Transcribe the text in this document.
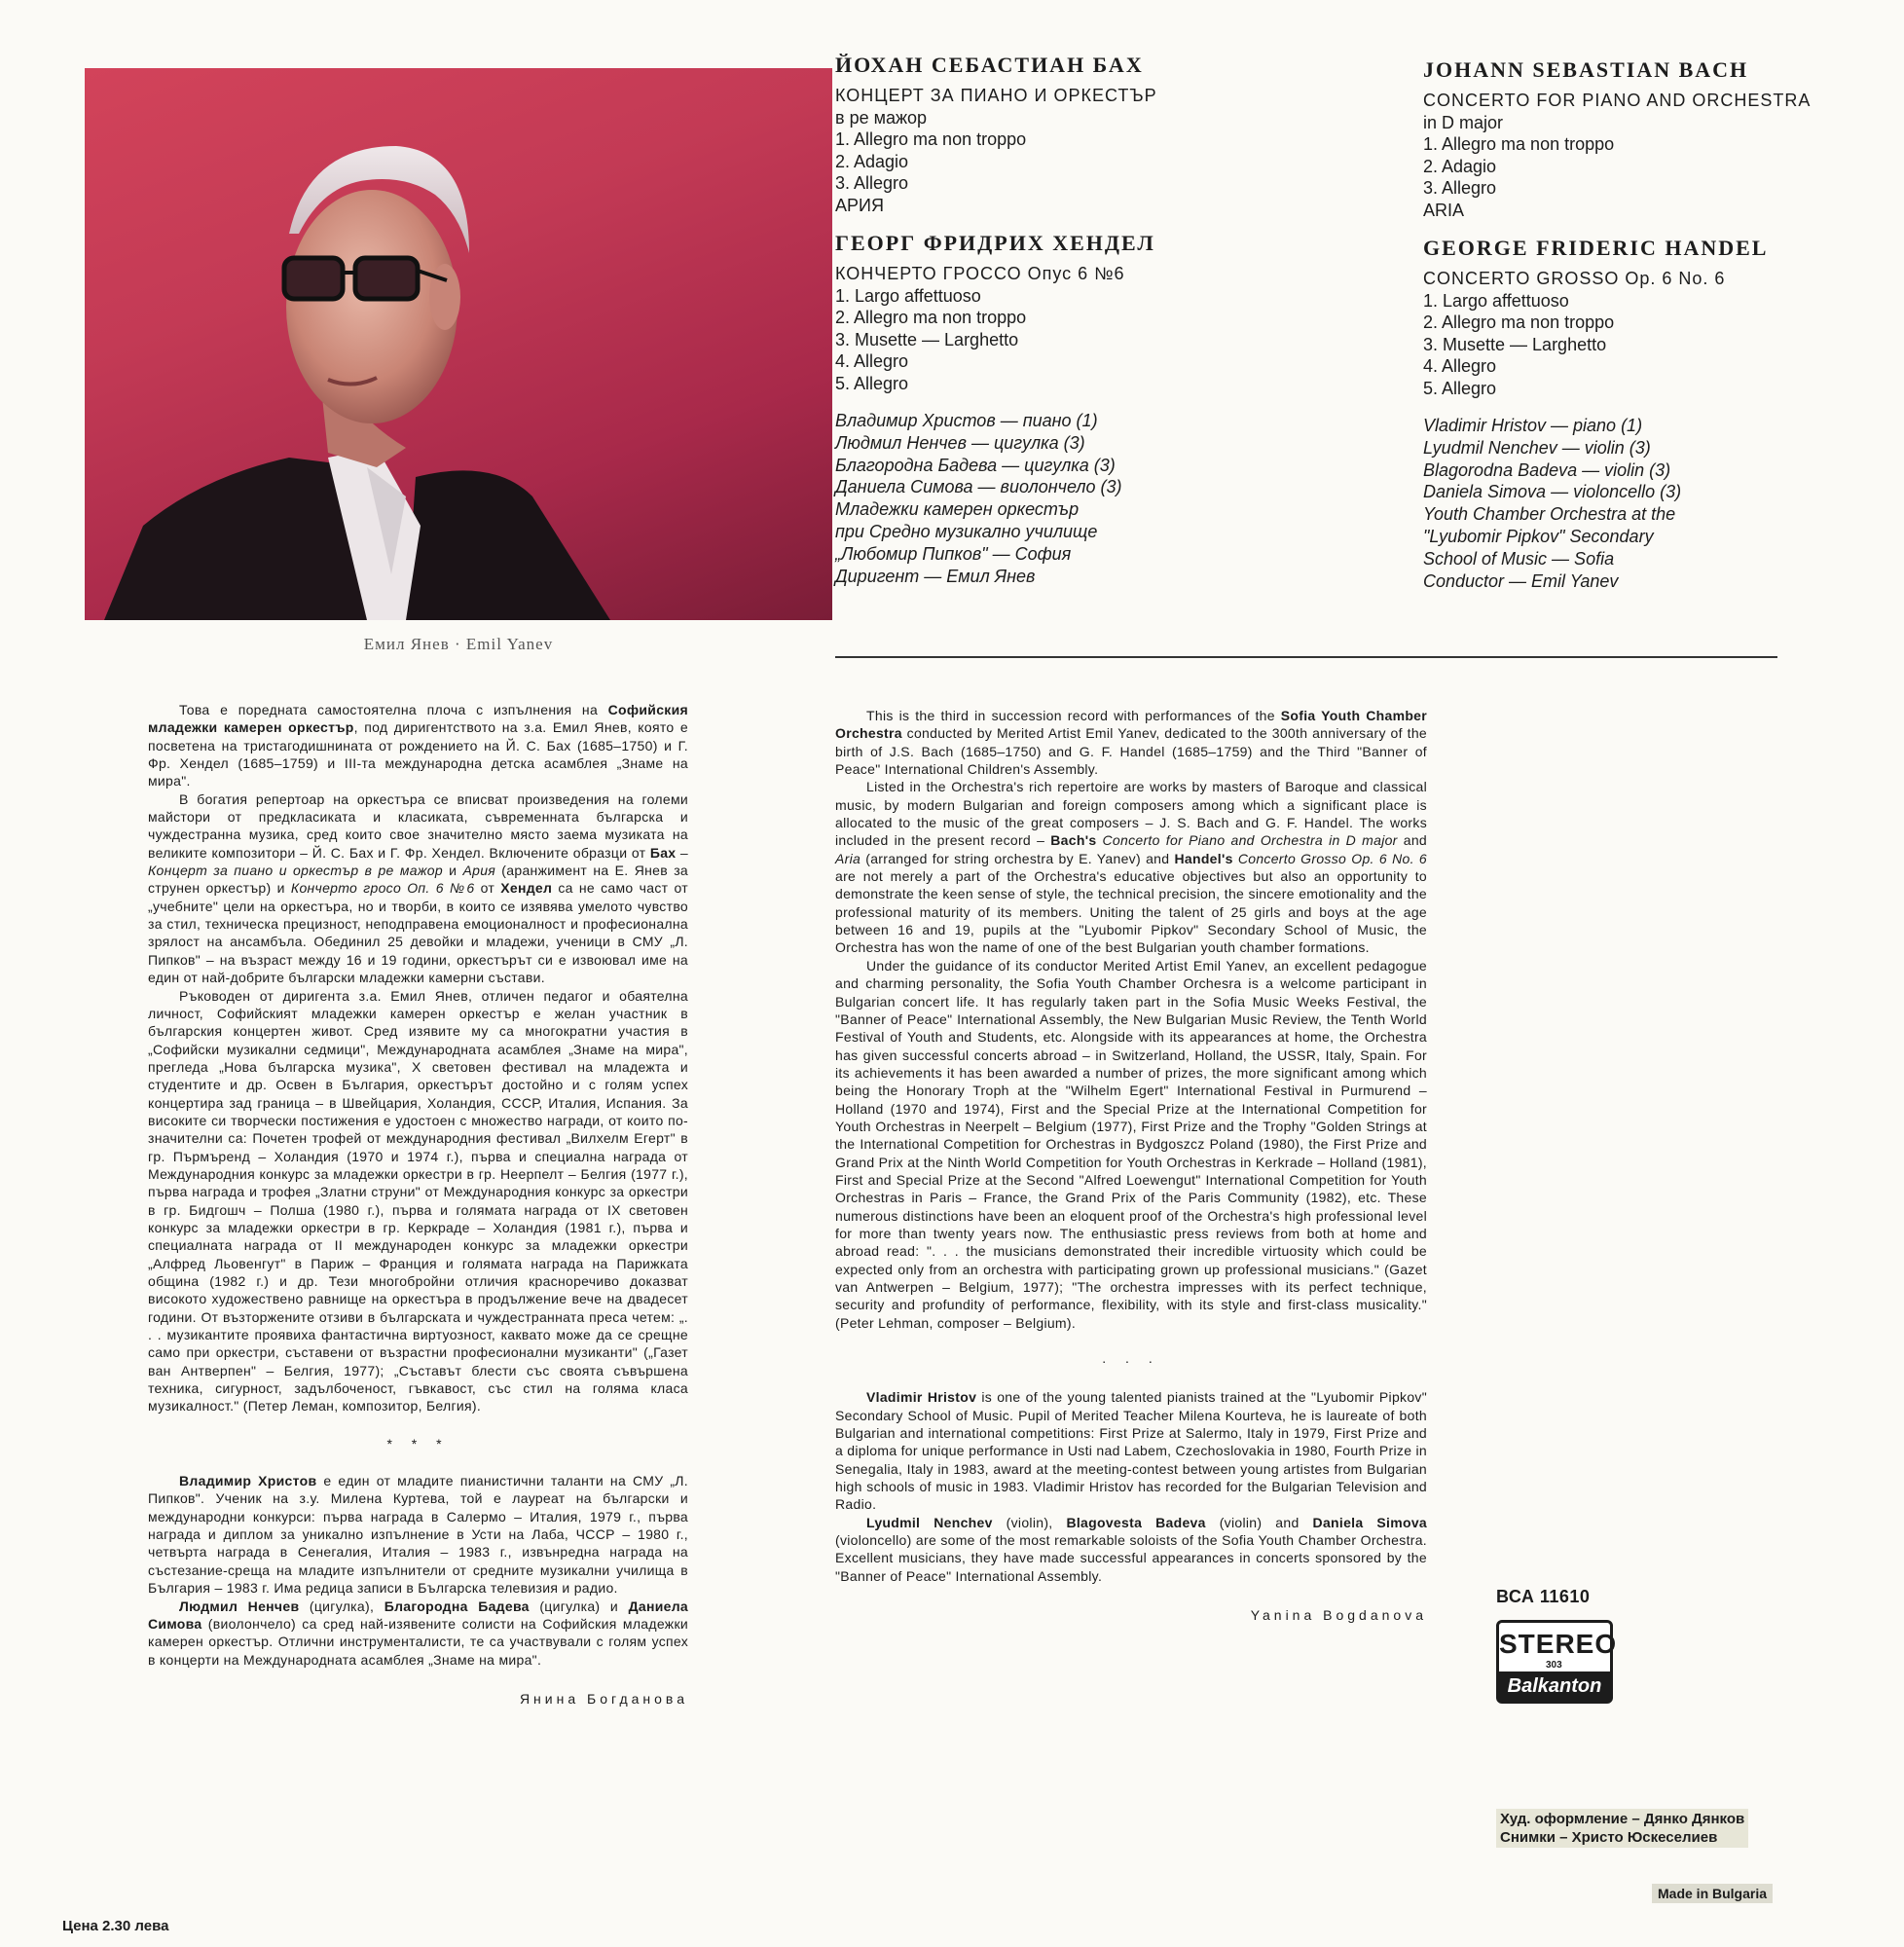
Емил Янев · Emil Yanev
ЙОХАН СЕБАСТИАН БАХ
КОНЦЕРТ ЗА ПИАНО И ОРКЕСТЪР
в ре мажор
1. Allegro ma non troppo
2. Adagio
3. Allegro
АРИЯ
ГЕОРГ ФРИДРИХ ХЕНДЕЛ
КОНЧЕРТО ГРОССО Опус 6 №6
1. Largo affettuoso
2. Allegro ma non troppo
3. Musette — Larghetto
4. Allegro
5. Allegro
Владимир Христов — пиано (1)
Людмил Ненчев — цигулка (3)
Благородна Бадева — цигулка (3)
Даниела Симова — виолончело (3)
Младежки камерен оркестър
при Средно музикално училище
„Любомир Пипков" — София
Диригент — Емил Янев
JOHANN SEBASTIAN BACH
CONCERTO FOR PIANO AND ORCHESTRA
in D major
1. Allegro ma non troppo
2. Adagio
3. Allegro
ARIA
GEORGE FRIDERIC HANDEL
CONCERTO GROSSO Op. 6 No. 6
1. Largo affettuoso
2. Allegro ma non troppo
3. Musette — Larghetto
4. Allegro
5. Allegro
Vladimir Hristov — piano (1)
Lyudmil Nenchev — violin (3)
Blagorodna Badeva — violin (3)
Daniela Simova — violoncello (3)
Youth Chamber Orchestra at the
"Lyubomir Pipkov" Secondary
School of Music — Sofia
Conductor — Emil Yanev

Това е поредната самостоятелна плоча с изпълнения на Софийския младежки камерен оркестър, под диригентството на з.а. Емил Янев, която е посветена на тристагодишнината от рождението на Й. С. Бах (1685–1750) и Г. Фр. Хендел (1685–1759) и III-та международна детска асамблея „Знаме на мира".

В богатия репертоар на оркестъра се вписват произведения на големи майстори от предкласиката и класиката, съвременната българска и чуждестранна музика, сред които свое значително място заема музиката на великите композитори – Й. С. Бах и Г. Фр. Хендел. Включените образци от Бах – Концерт за пиано и оркестър в ре мажор и Ария (аранжимент на Е. Янев за струнен оркестър) и Кончерто гросо Оп. 6 №6 от Хендел са не само част от „учебните" цели на оркестъра, но и творби, в които се изявява умелото чувство за стил, техническа прецизност, неподправена емоционалност и професионална зрялост на ансамбъла. Обединил 25 девойки и младежи, ученици в СМУ „Л. Пипков" – на възраст между 16 и 19 години, оркестърът си е извоювал име на един от най-добрите български младежки камерни състави.

Ръководен от диригента з.а. Емил Янев, отличен педагог и обаятелна личност, Софийският младежки камерен оркестър е желан участник в българския концертен живот. Сред изявите му са многократни участия в „Софийски музикални седмици", Международната асамблея „Знаме на мира", прегледа „Нова българска музика", Х световен фестивал на младежта и студентите и др. Освен в България, оркестърът достойно и с голям успех концертира зад граница – в Швейцария, Холандия, СССР, Италия, Испания. За високите си творчески постижения е удостоен с множество награди, от които по-значителни са: Почетен трофей от международния фестивал „Вилхелм Егерт" в гр. Пърмъренд – Холандия (1970 и 1974 г.), първа и специална награда от Международния конкурс за младежки оркестри в гр. Неерпелт – Белгия (1977 г.), първа награда и трофея „Златни струни" от Международния конкурс за оркестри в гр. Бидгошч – Полша (1980 г.), първа и голямата награда от IX световен конкурс за младежки оркестри в гр. Керкраде – Холандия (1981 г.), първа и специалната награда от II международен конкурс за младежки оркестри „Алфред Льовенгут" в Париж – Франция и голямата награда на Парижката община (1982 г.) и др. Тези многобройни отличия красноречиво доказват високото художествено равнище на оркестъра в продължение вече на двадесет години. От възторжените отзиви в българската и чуждестранната преса четем: „. . . музикантите проявиха фантастична виртуозност, каквато може да се срещне само при оркестри, съставени от възрастни професионални музиканти" („Газет ван Антверпен" – Белгия, 1977); „Съставът блести със своята съвършена техника, сигурност, задълбоченост, гъвкавост, със стил на голяма класа музикалност." (Петер Леман, композитор, Белгия).

* * *

Владимир Христов е един от младите пианистични таланти на СМУ „Л. Пипков". Ученик на з.у. Милена Куртева, той е лауреат на български и международни конкурси: първа награда в Салермо – Италия, 1979 г., първа награда и диплом за уникално изпълнение в Усти на Лаба, ЧССР – 1980 г., четвърта награда в Сенегалия, Италия – 1983 г., извънредна награда на състезание-среща на младите изпълнители от средните музикални училища в България – 1983 г. Има редица записи в Българска телевизия и радио.

Людмил Ненчев (цигулка), Благородна Бадева (цигулка) и Даниела Симова (виолончело) са сред най-изявените солисти на Софийския младежки камерен оркестър. Отлични инструменталисти, те са участвували с голям успех в концерти на Международната асамблея „Знаме на мира".

Янина Богданова

This is the third in succession record with performances of the Sofia Youth Chamber Orchestra conducted by Merited Artist Emil Yanev, dedicated to the 300th anniversary of the birth of J.S. Bach (1685–1750) and G. F. Handel (1685–1759) and the Third "Banner of Peace" International Children's Assembly.

Listed in the Orchestra's rich repertoire are works by masters of Baroque and classical music, by modern Bulgarian and foreign composers among which a significant place is allocated to the music of the great composers – J. S. Bach and G. F. Handel. The works included in the present record – Bach's Concerto for Piano and Orchestra in D major and Aria (arranged for string orchestra by E. Yanev) and Handel's Concerto Grosso Op. 6 No. 6 are not merely a part of the Orchestra's educative objectives but also an opportunity to demonstrate the keen sense of style, the technical precision, the sincere emotionality and the professional maturity of its members. Uniting the talent of 25 girls and boys at the age between 16 and 19, pupils at the "Lyubomir Pipkov" Secondary School of Music, the Orchestra has won the name of one of the best Bulgarian youth chamber formations.

Under the guidance of its conductor Merited Artist Emil Yanev, an excellent pedagogue and charming personality, the Sofia Youth Chamber Orchesra is a welcome participant in Bulgarian concert life. It has regularly taken part in the Sofia Music Weeks Festival, the "Banner of Peace" International Assembly, the New Bulgarian Music Review, the Tenth World Festival of Youth and Students, etc. Alongside with its appearances at home, the Orchestra has given successful concerts abroad – in Switzerland, Holland, the USSR, Italy, Spain. For its achievements it has been awarded a number of prizes, the more significant among which being the Honorary Troph at the "Wilhelm Egert" International Festival in Purmurend – Holland (1970 and 1974), First and the Special Prize at the International Competition for Youth Orchestras in Neerpelt – Belgium (1977), First Prize and the Trophy "Golden Strings at the International Competition for Orchestras in Bydgoszcz Poland (1980), the First Prize and Grand Prix at the Ninth World Competition for Youth Orchestras in Kerkrade – Holland (1981), First and Special Prize at the Second "Alfred Loewengut" International Competition for Youth Orchestras in Paris – France, the Grand Prix of the Paris Community (1982), etc. These numerous distinctions have been an eloquent proof of the Orchestra's high professional level for more than twenty years now. The enthusiastic press reviews from both at home and abroad read: ". . . the musicians demonstrated their incredible virtuosity which could be expected only from an orchestra with participating grown up professional musicians." (Gazet van Antwerpen – Belgium, 1977); "The orchestra impresses with its perfect technique, security and profundity of performance, flexibility, with its style and first-class musicality." (Peter Lehman, composer – Belgium).

. . .

Vladimir Hristov is one of the young talented pianists trained at the "Lyubomir Pipkov" Secondary School of Music. Pupil of Merited Teacher Milena Kourteva, he is laureate of both Bulgarian and international competitions: First Prize at Salermo, Italy in 1979, First Prize and a diploma for unique performance in Usti nad Labem, Czechoslovakia in 1980, Fourth Prize in Senegalia, Italy in 1983, award at the meeting-contest between young artistes from Bulgarian high schools of music in 1983. Vladimir Hristov has recorded for the Bulgarian Television and Radio.

Lyudmil Nenchev (violin), Blagovesta Badeva (violin) and Daniela Simova (violoncello) are some of the most remarkable soloists of the Sofia Youth Chamber Orchestra. Excellent musicians, they have made successful appearances in concerts sponsored by the "Banner of Peace" International Assembly.

Yanina Bogdanova
ВСА 11610
STEREO
303
Balkanton
Худ. оформление – Дянко Дянков
Снимки – Христо Юскеселиев
Made in Bulgaria
Цена 2.30 лева
